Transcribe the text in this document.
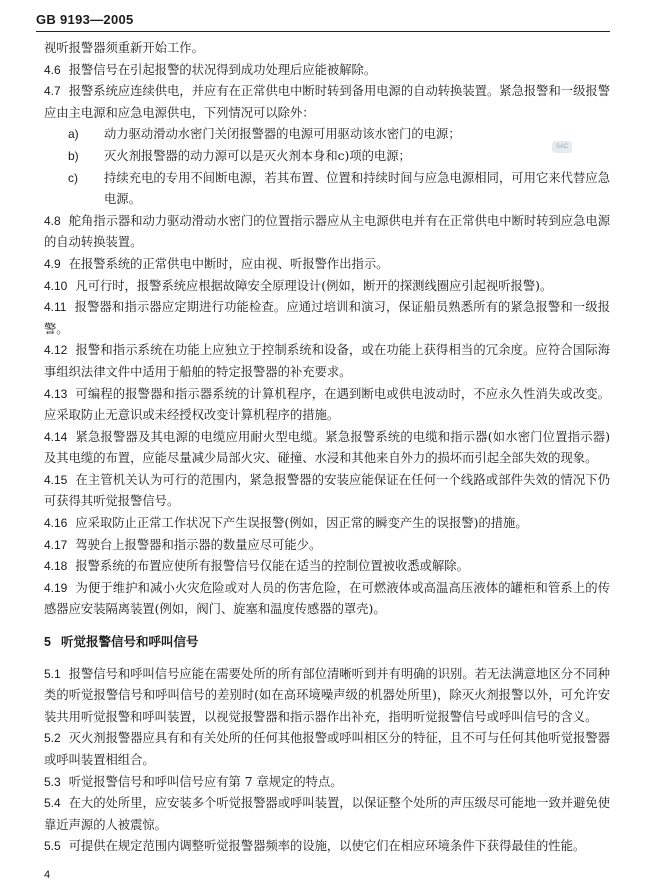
GB 9193—2005
SAC

视听报警器须重新开始工作。

4.6 报警信号在引起报警的状况得到成功处理后应能被解除。

4.7 报警系统应连续供电，并应有在正常供电中断时转到备用电源的自动转换装置。紧急报警和一级报警应由主电源和应急电源供电，下列情况可以除外：

a) 动力驱动滑动水密门关闭报警器的电源可用驱动该水密门的电源；

b) 灭火剂报警器的动力源可以是灭火剂本身和c)项的电源；

c) 持续充电的专用不间断电源，若其布置、位置和持续时间与应急电源相同，可用它来代替应急电源。

4.8 舵角指示器和动力驱动滑动水密门的位置指示器应从主电源供电并有在正常供电中断时转到应急电源的自动转换装置。

4.9 在报警系统的正常供电中断时，应由视、听报警作出指示。

4.10 凡可行时，报警系统应根据故障安全原理设计(例如，断开的探测线圈应引起视听报警)。

4.11 报警器和指示器应定期进行功能检查。应通过培训和演习，保证船员熟悉所有的紧急报警和一级报警。

4.12 报警和指示系统在功能上应独立于控制系统和设备，或在功能上获得相当的冗余度。应符合国际海事组织法律文件中适用于船舶的特定报警器的补充要求。

4.13 可编程的报警器和指示器系统的计算机程序，在遇到断电或供电波动时，不应永久性消失或改变。应采取防止无意识或未经授权改变计算机程序的措施。

4.14 紧急报警器及其电源的电缆应用耐火型电缆。紧急报警系统的电缆和指示器(如水密门位置指示器)及其电缆的布置，应能尽量减少局部火灾、碰撞、水浸和其他来自外力的损坏而引起全部失效的现象。

4.15 在主管机关认为可行的范围内，紧急报警器的安装应能保证在任何一个线路或部件失效的情况下仍可获得其听觉报警信号。

4.16 应采取防止正常工作状况下产生误报警(例如，因正常的瞬变产生的误报警)的措施。

4.17 驾驶台上报警器和指示器的数量应尽可能少。

4.18 报警系统的布置应使所有报警信号仅能在适当的控制位置被收悉或解除。

4.19 为便于维护和减小火灾危险或对人员的伤害危险，在可燃液体或高温高压液体的罐柜和管系上的传感器应安装隔离装置(例如，阀门、旋塞和温度传感器的罩壳)。

5 听觉报警信号和呼叫信号

5.1 报警信号和呼叫信号应能在需要处所的所有部位清晰听到并有明确的识别。若无法满意地区分不同种类的听觉报警信号和呼叫信号的差别时(如在高环境噪声级的机器处所里)，除灭火剂报警以外，可允许安装共用听觉报警和呼叫装置，以视觉报警器和指示器作出补充，指明听觉报警信号或呼叫信号的含义。

5.2 灭火剂报警器应具有和有关处所的任何其他报警或呼叫相区分的特征，且不可与任何其他听觉报警器或呼叫装置相组合。

5.3 听觉报警信号和呼叫信号应有第 7 章规定的特点。

5.4 在大的处所里，应安装多个听觉报警器或呼叫装置，以保证整个处所的声压级尽可能地一致并避免使靠近声源的人被震惊。

5.5 可提供在规定范围内调整听觉报警器频率的设施，以使它们在相应环境条件下获得最佳的性能。

4
